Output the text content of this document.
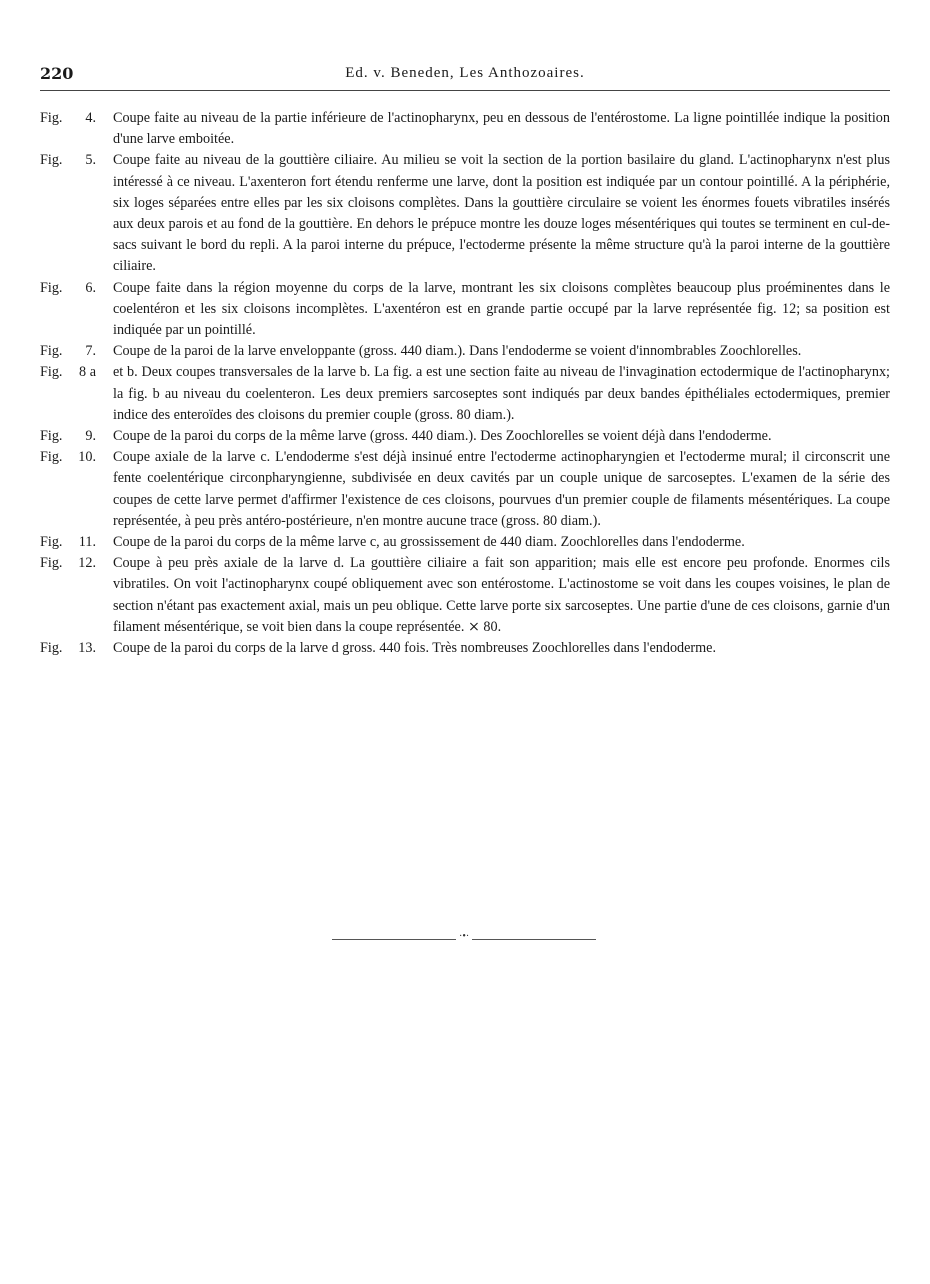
220	Ed. v. Beneden, Les Anthozoaires.
Fig. 4. Coupe faite au niveau de la partie inférieure de l'actinopharynx, peu en dessous de l'entérostome. La ligne pointillée indique la position d'une larve emboitée.

Fig. 5. Coupe faite au niveau de la gouttière ciliaire. Au milieu se voit la section de la portion basilaire du gland. L'actinopharynx n'est plus intéressé à ce niveau. L'axenteron fort étendu renferme une larve, dont la position est indiquée par un contour pointillé. A la périphérie, six loges séparées entre elles par les six cloisons complètes. Dans la gouttière circulaire se voient les énormes fouets vibratiles insérés aux deux parois et au fond de la gouttière. En dehors le prépuce montre les douze loges mésentériques qui toutes se terminent en cul-de-sacs suivant le bord du repli. A la paroi interne du prépuce, l'ectoderme présente la même structure qu'à la paroi interne de la gouttière ciliaire.

Fig. 6. Coupe faite dans la région moyenne du corps de la larve, montrant les six cloisons complètes beaucoup plus proéminentes dans le coelentéron et les six cloisons incomplètes. L'axentéron est en grande partie occupé par la larve représentée fig. 12; sa position est indiquée par un pointillé.

Fig. 7. Coupe de la paroi de la larve enveloppante (gross. 440 diam.). Dans l'endoderme se voient d'innombrables Zoochlorelles.

Fig. 8 a et b. Deux coupes transversales de la larve b. La fig. a est une section faite au niveau de l'invagination ectodermique de l'actinopharynx; la fig. b au niveau du coelenteron. Les deux premiers sarcoseptes sont indiqués par deux bandes épithéliales ectodermiques, premier indice des enteroïdes des cloisons du premier couple (gross. 80 diam.).

Fig. 9. Coupe de la paroi du corps de la même larve (gross. 440 diam.). Des Zoochlorelles se voient déjà dans l'endoderme.

Fig. 10. Coupe axiale de la larve c. L'endoderme s'est déjà insinué entre l'ectoderme actinopharyngien et l'ectoderme mural; il circonscrit une fente coelentérique circonpharyngienne, subdivisée en deux cavités par un couple unique de sarcoseptes. L'examen de la série des coupes de cette larve permet d'affirmer l'existence de ces cloisons, pourvues d'un premier couple de filaments mésentériques. La coupe représentée, à peu près antéro-postérieure, n'en montre aucune trace (gross. 80 diam.).

Fig. 11. Coupe de la paroi du corps de la même larve c, au grossissement de 440 diam. Zoochlorelles dans l'endoderme.

Fig. 12. Coupe à peu près axiale de la larve d. La gouttière ciliaire a fait son apparition; mais elle est encore peu profonde. Enormes cils vibratiles. On voit l'actinopharynx coupé obliquement avec son entérostome. L'actinostome se voit dans les coupes voisines, le plan de section n'étant pas exactement axial, mais un peu oblique. Cette larve porte six sarcoseptes. Une partie d'une de ces cloisons, garnie d'un filament mésentérique, se voit bien dans la coupe représentée. ⨯ 80.

Fig. 13. Coupe de la paroi du corps de la larve d gross. 440 fois. Très nombreuses Zoochlorelles dans l'endoderme.

·•·
